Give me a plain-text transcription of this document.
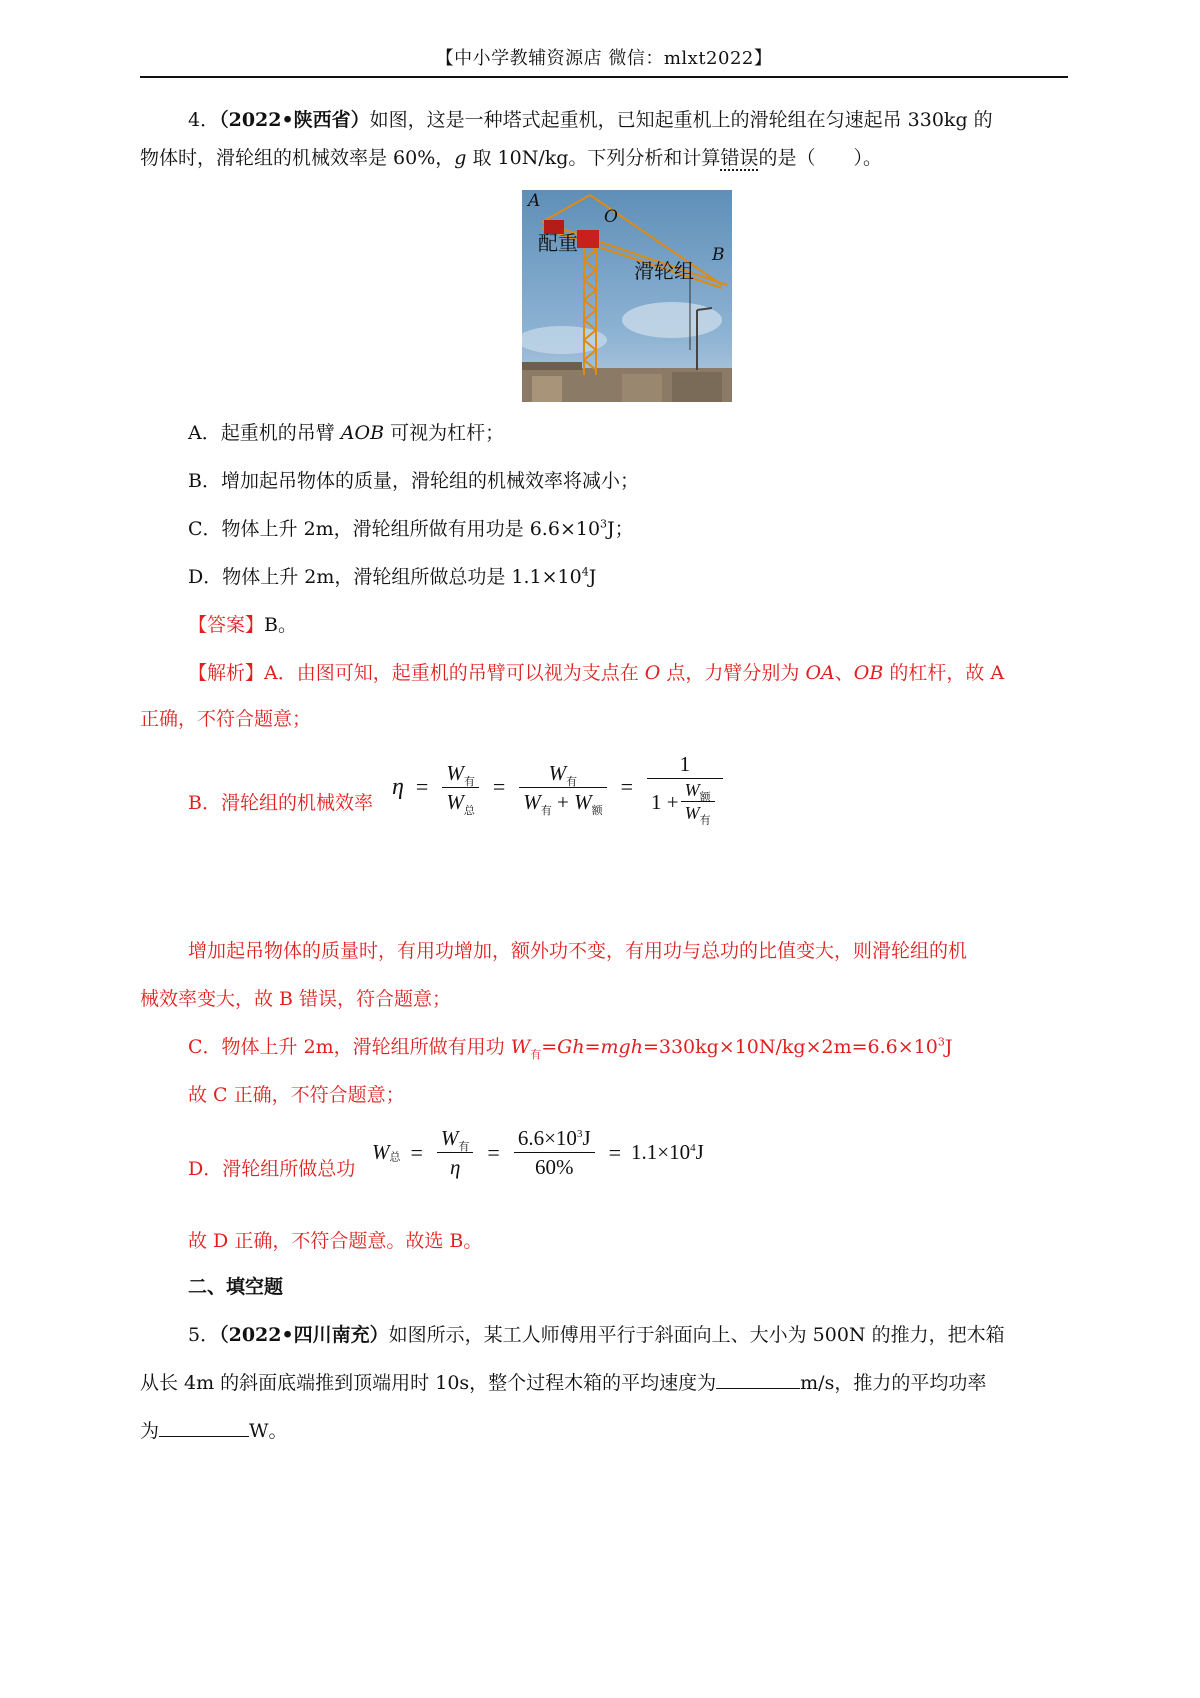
【中小学教辅资源店 微信：mlxt2022】
4．（2022•陕西省）如图，这是一种塔式起重机，已知起重机上的滑轮组在匀速起吊 330kg 的
物体时，滑轮组的机械效率是 60%，g 取 10N/kg。下列分析和计算错误的是（　　）。
A
O
B
配重
滑轮组
A．起重机的吊臂 AOB 可视为杠杆；
B．增加起吊物体的质量，滑轮组的机械效率将减小；
C．物体上升 2m，滑轮组所做有用功是 $6.6\times 10^3J$；
D．物体上升 2m，滑轮组所做总功是 $1.1\times 10^4J$
【答案】B。
【解析】A．由图可知，起重机的吊臂可以视为支点在 O 点，力臂分别为 OA、OB 的杠杆，故 A
正确，不符合题意；
B．滑轮组的机械效率
$\eta = \frac{W_有}{W_总} = \frac{W_有}{W_有 + W_额} = 1$
1
+ $\frac{W_额}{W_有}$
增加起吊物体的质量时，有用功增加，额外功不变，有用功与总功的比值变大，则滑轮组的机
械效率变大，故 B 错误，符合题意；
C．物体上升 2m，滑轮组所做有用功 $W_有=Gh=mgh=330kg\times 10N/kg\times 2m=6.6\times 10^3J$
故 C 正确，不符合题意；
D．滑轮组所做总功
$W_总 = \frac{W_有}{\eta} = \frac{6.6\times 10^3J}{60\%} = 1.1\times 10^4J$
故 D 正确，不符合题意。故选 B。
二、填空题
5．（2022•四川南充）如图所示，某工人师傅用平行于斜面向上、大小为 500N 的推力，把木箱
从长 4m 的斜面底端推到顶端用时 10s，整个过程木箱的平均速度为	m/s，推力的平均功率
为	W。
